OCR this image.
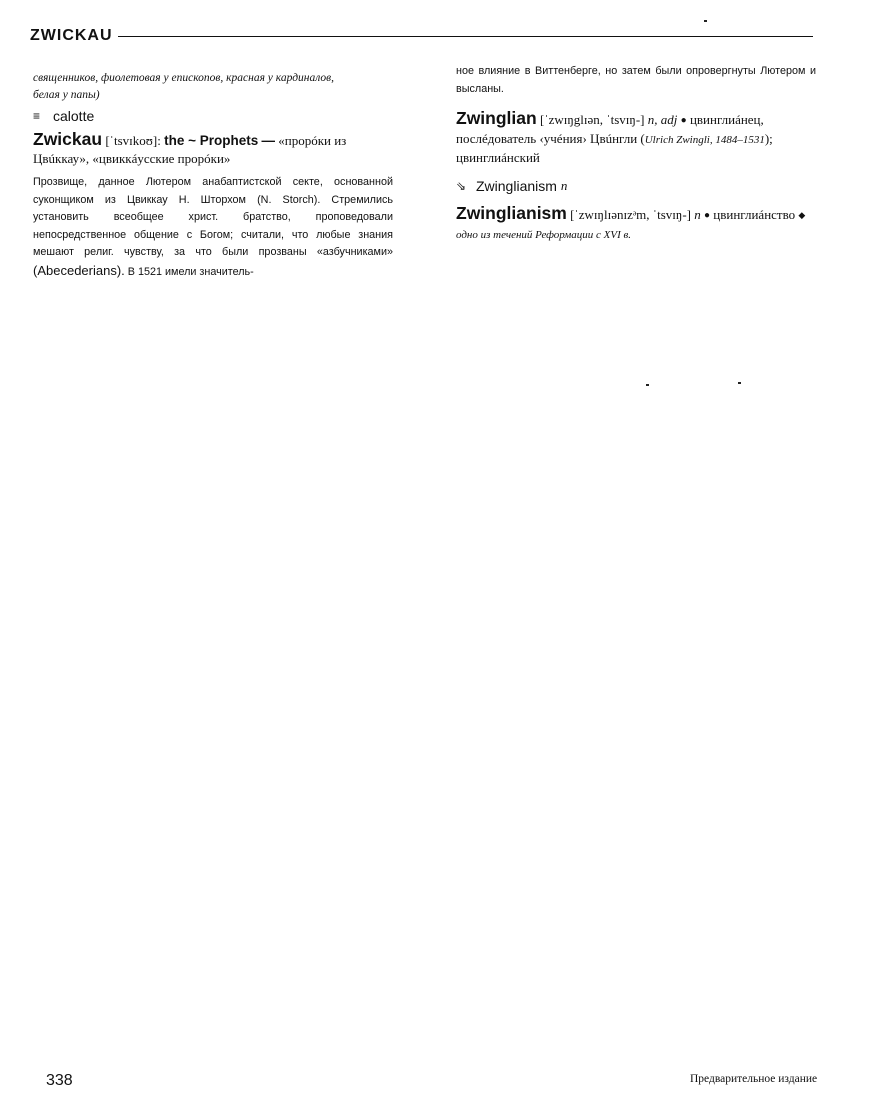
ZWICKAU
священников, фиолетовая у епископов, красная у кардиналов,
белая у папы)
≡ calotte
Zwickau [ˈtsvɪkoʊ]: the ~ Prophets — «прорóки из Цвúккау», «цвиккáусские прорóки»
Прозвище, данное Лютером анабаптистской секте, основанной суконщиком из Цвиккау Н. Шторхом (N. Storch). Стремились установить всеобщее христ. братство, проповедовали непосредственное общение с Богом; считали, что любые знания мешают религ. чувству, за что были прозваны «азбучниками» (Abecederians). В 1521 имели значитель-
ное влияние в Виттенберге, но затем были опровергнуты Лютером и высланы.
Zwinglian [ˈzwɪŋglɪən, ˈtsvɪŋ-] n, adj ● цвинглиáнец, послéдователь ‹учéния› Цвúнгли (Ulrich Zwingli, 1484–1531); цвинглиáнский
⇘ Zwinglianism
n
Zwinglianism [ˈzwɪŋlɪənɪzᵊm, ˈtsvɪŋ-] n ● цвинглиáнство ◆ одно из течений Реформации с XVI в.
338	Предварительное издание
